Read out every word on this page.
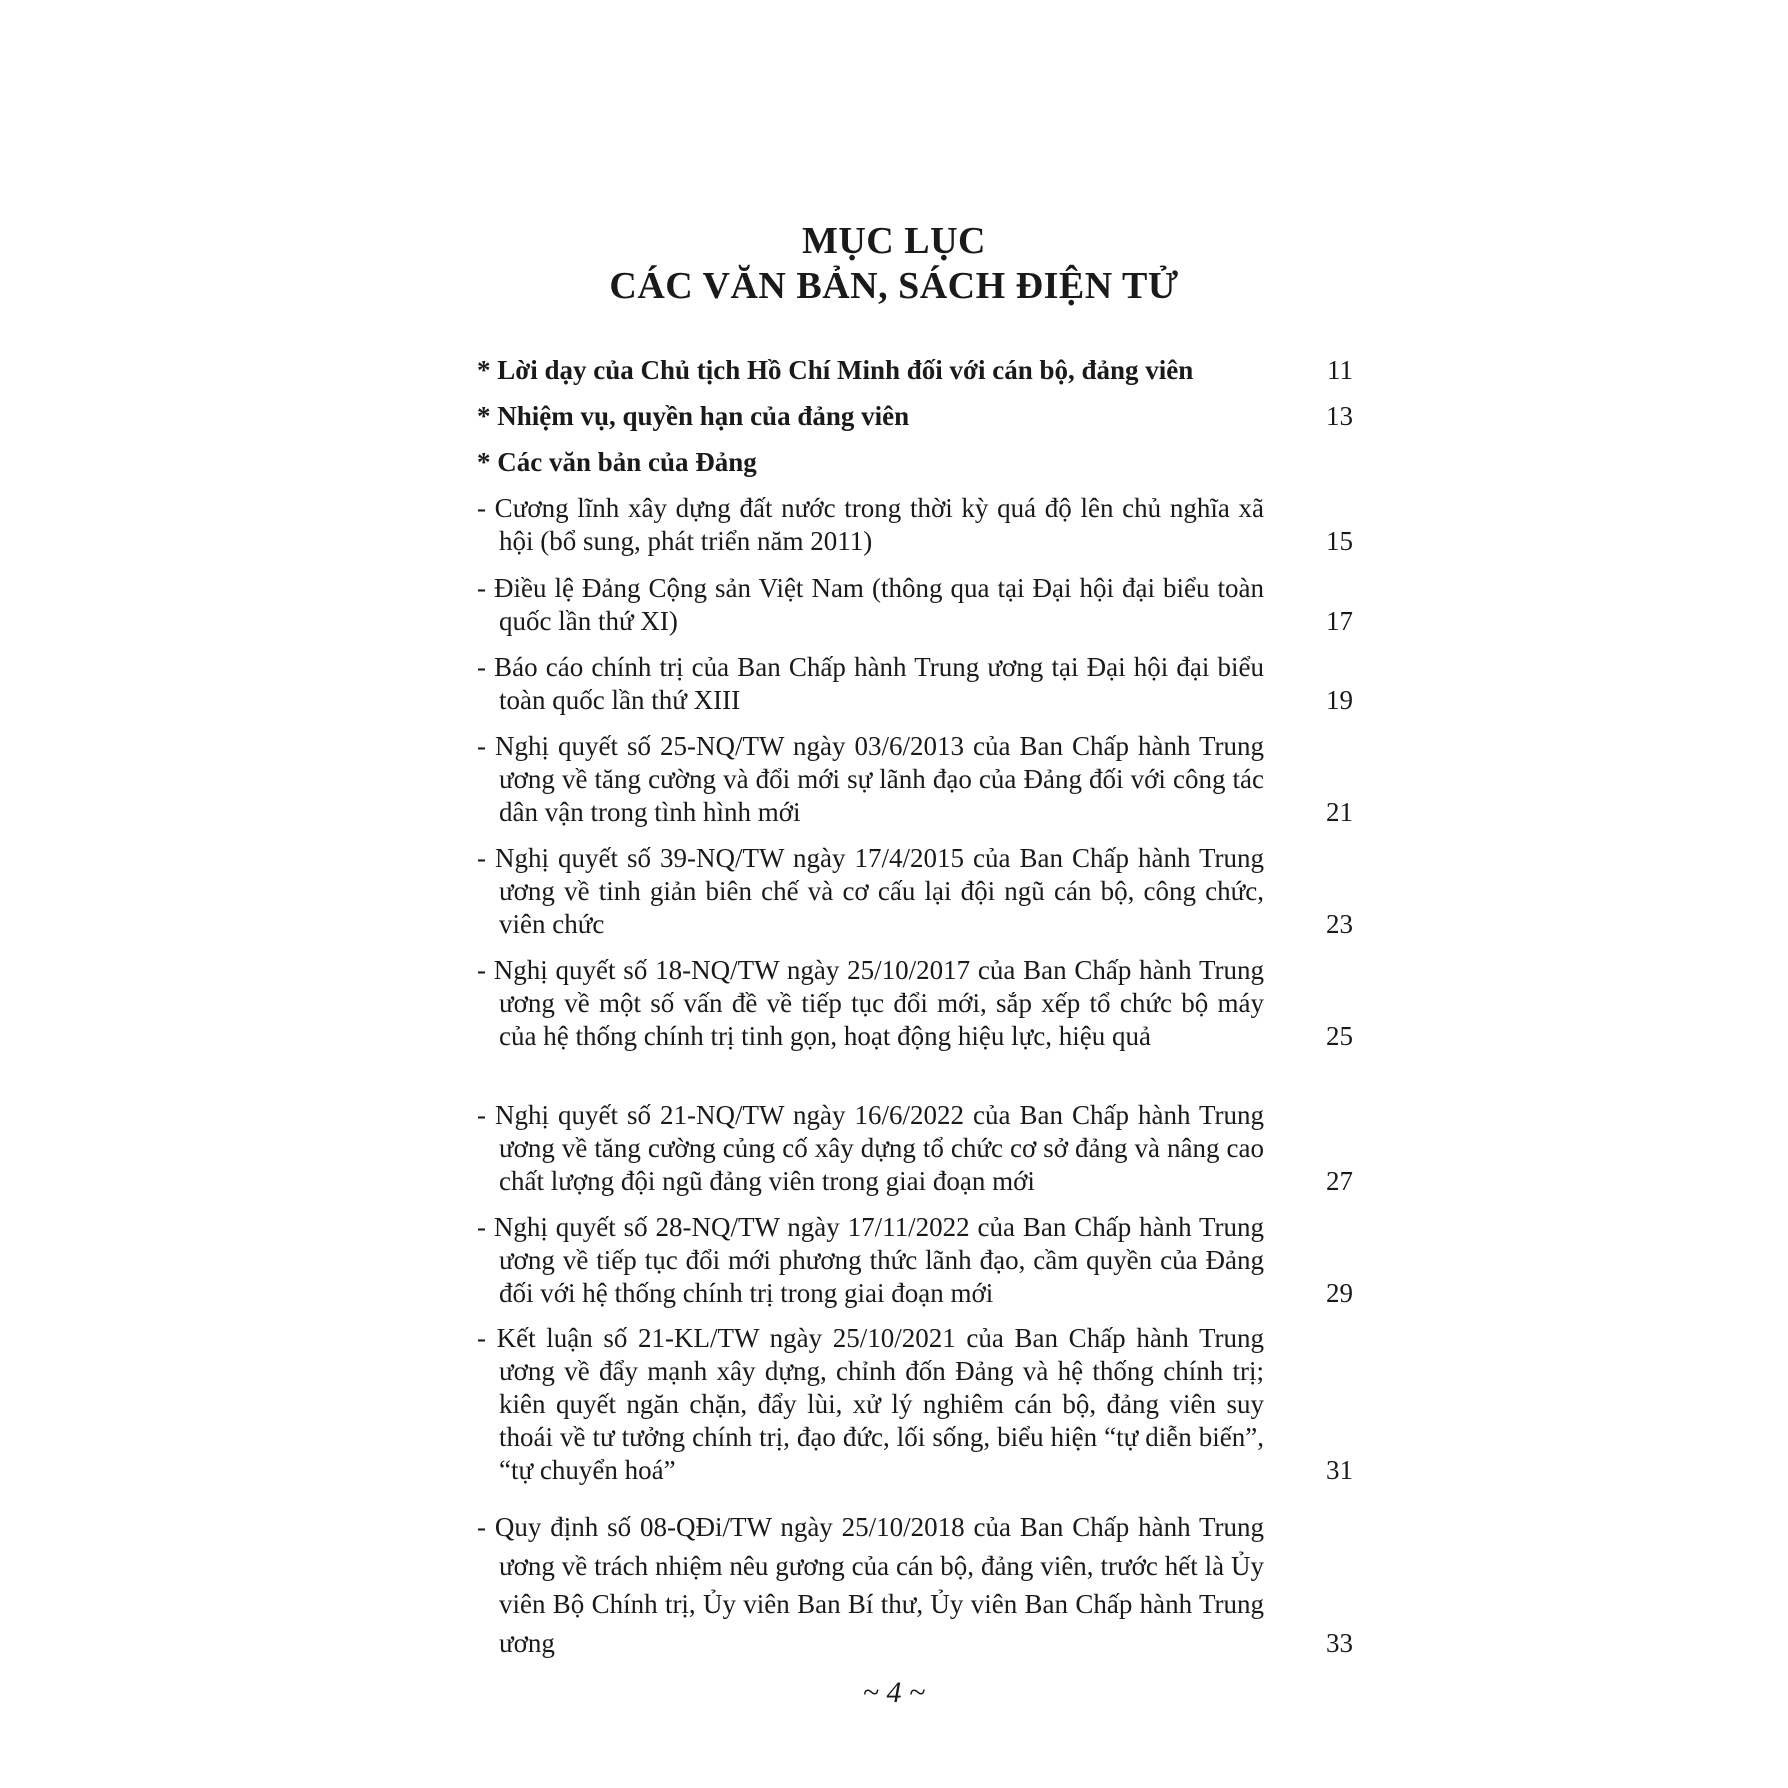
MỤC LỤC
CÁC VĂN BẢN, SÁCH ĐIỆN TỬ
* Lời dạy của Chủ tịch Hồ Chí Minh đối với cán bộ, đảng viên	11
* Nhiệm vụ, quyền hạn của đảng viên	13
* Các văn bản của Đảng
- Cương lĩnh xây dựng đất nước trong thời kỳ quá độ lên chủ nghĩa xã hội (bổ sung, phát triển năm 2011)	15
- Điều lệ Đảng Cộng sản Việt Nam (thông qua tại Đại hội đại biểu toàn quốc lần thứ XI)	17
- Báo cáo chính trị của Ban Chấp hành Trung ương tại Đại hội đại biểu toàn quốc lần thứ XIII	19
- Nghị quyết số 25-NQ/TW ngày 03/6/2013 của Ban Chấp hành Trung ương về tăng cường và đổi mới sự lãnh đạo của Đảng đối với công tác dân vận trong tình hình mới	21
- Nghị quyết số 39-NQ/TW ngày 17/4/2015 của Ban Chấp hành Trung ương về tinh giản biên chế và cơ cấu lại đội ngũ cán bộ, công chức, viên chức	23
- Nghị quyết số 18-NQ/TW ngày 25/10/2017 của Ban Chấp hành Trung ương về một số vấn đề về tiếp tục đổi mới, sắp xếp tổ chức bộ máy của hệ thống chính trị tinh gọn, hoạt động hiệu lực, hiệu quả	25
- Nghị quyết số 21-NQ/TW ngày 16/6/2022 của Ban Chấp hành Trung ương về tăng cường củng cố xây dựng tổ chức cơ sở đảng và nâng cao chất lượng đội ngũ đảng viên trong giai đoạn mới	27
- Nghị quyết số 28-NQ/TW ngày 17/11/2022 của Ban Chấp hành Trung ương về tiếp tục đổi mới phương thức lãnh đạo, cầm quyền của Đảng đối với hệ thống chính trị trong giai đoạn mới	29
- Kết luận số 21-KL/TW ngày 25/10/2021 của Ban Chấp hành Trung ương về đẩy mạnh xây dựng, chỉnh đốn Đảng và hệ thống chính trị; kiên quyết ngăn chặn, đẩy lùi, xử lý nghiêm cán bộ, đảng viên suy thoái về tư tưởng chính trị, đạo đức, lối sống, biểu hiện “tự diễn biến”, “tự chuyển hoá”	31
- Quy định số 08-QĐi/TW ngày 25/10/2018 của Ban Chấp hành Trung ương về trách nhiệm nêu gương của cán bộ, đảng viên, trước hết là Ủy viên Bộ Chính trị, Ủy viên Ban Bí thư, Ủy viên Ban Chấp hành Trung ương	33
~ 4 ~
